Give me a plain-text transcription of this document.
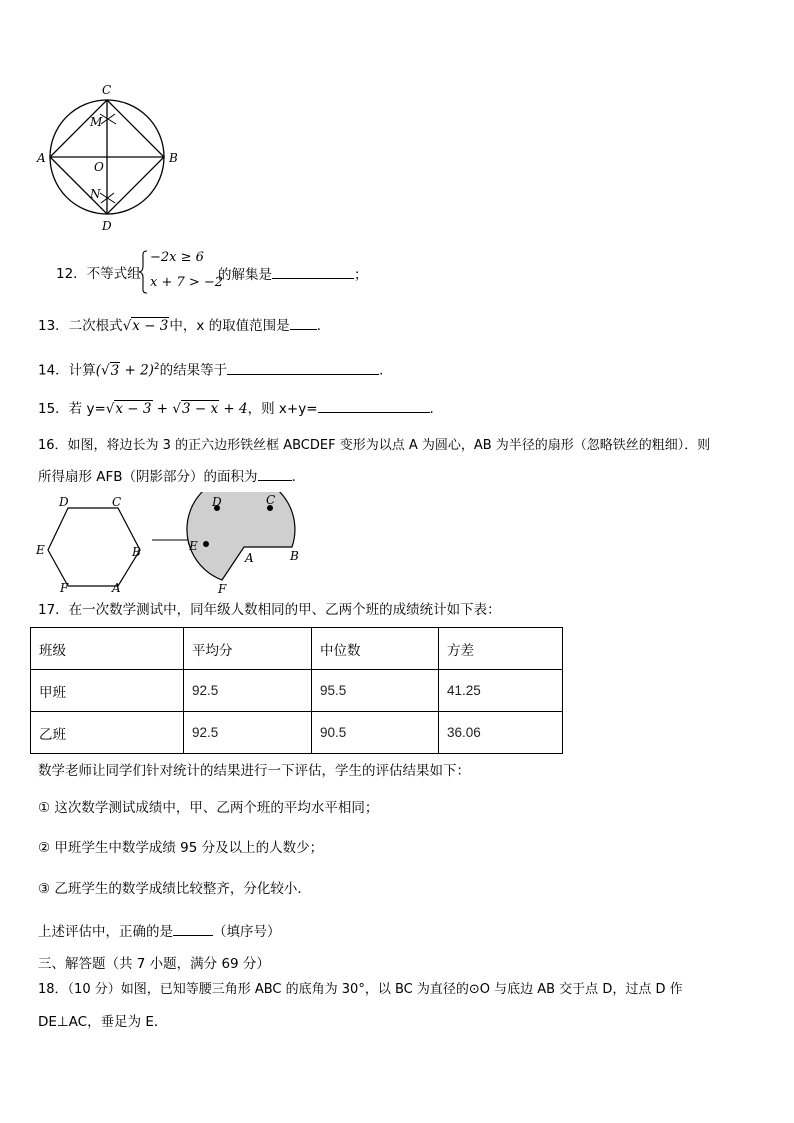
C
M
A
O
B
N
D
12．不等式组
−2x ≥ 6
x + 7 > −2
的解集是	；
13．二次根式√x − 3中，x 的取值范围是 ．
14．计算$(√3 + 2)^2$的结果等于	.
15．若 y=√x − 3 + √3 − x + 4，则 x+y=	.
16．如图，将边长为 3 的正六边形铁丝框 ABCDEF 变形为以点 A 为圆心，AB 为半径的扇形（忽略铁丝的粗细）．则
所得扇形 AFB（阴影部分）的面积为	．
D	C
E	B
F	A
D	C
E
A	B
F
17．在一次数学测试中，同年级人数相同的甲、乙两个班的成绩统计如下表：
班级	平均分	中位数	方差
甲班	92.5	95.5	41.25
乙班	92.5	90.5	36.06
数学老师让同学们针对统计的结果进行一下评估，学生的评估结果如下：
① 这次数学测试成绩中，甲、乙两个班的平均水平相同；
② 甲班学生中数学成绩 95 分及以上的人数少；
③ 乙班学生的数学成绩比较整齐，分化较小．
上述评估中，正确的是	（填序号）
三、解答题（共 7 小题，满分 69 分）
18．（10 分）如图，已知等腰三角形 ABC 的底角为 30°，以 BC 为直径的⊙O 与底边 AB 交于点 D，过点 D 作
DE⊥AC，垂足为 E．
